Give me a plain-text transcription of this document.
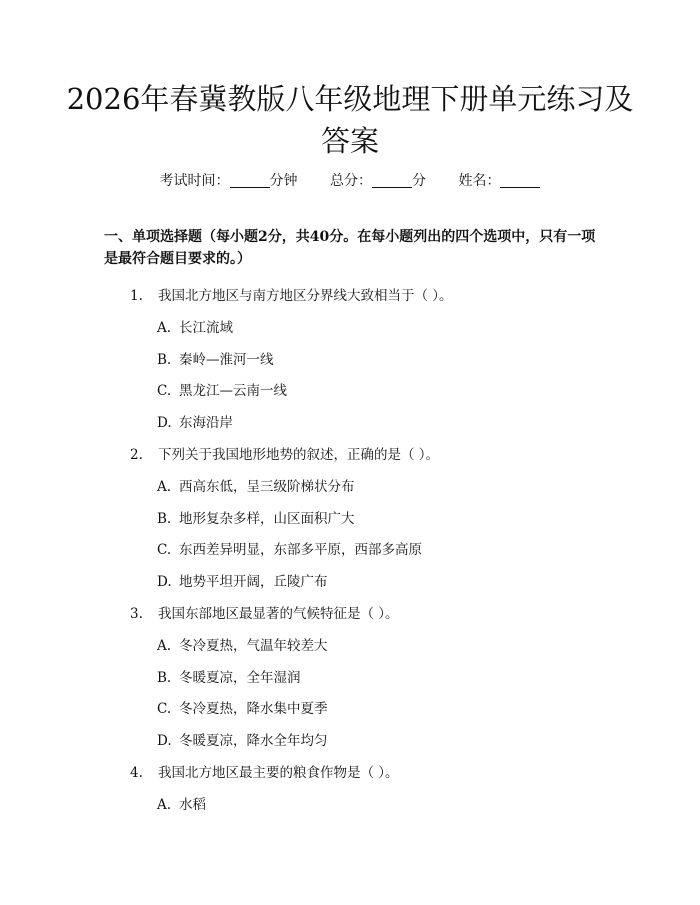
2026年春冀教版八年级地理下册单元练习及
答案
考试时间：	分钟 总分：	分 姓名：
一、单项选择题（每小题2分，共40分。在每小题列出的四个选项中，只有一项是最符合题目要求的。）
1. 我国北方地区与南方地区分界线大致相当于（ ）。
A. 长江流域
B. 秦岭—淮河一线
C. 黑龙江—云南一线
D. 东海沿岸
2. 下列关于我国地形地势的叙述，正确的是（ ）。
A. 西高东低，呈三级阶梯状分布
B. 地形复杂多样，山区面积广大
C. 东西差异明显，东部多平原，西部多高原
D. 地势平坦开阔，丘陵广布
3. 我国东部地区最显著的气候特征是（ ）。
A. 冬冷夏热，气温年较差大
B. 冬暖夏凉，全年湿润
C. 冬冷夏热，降水集中夏季
D. 冬暖夏凉，降水全年均匀
4. 我国北方地区最主要的粮食作物是（ ）。
A. 水稻
